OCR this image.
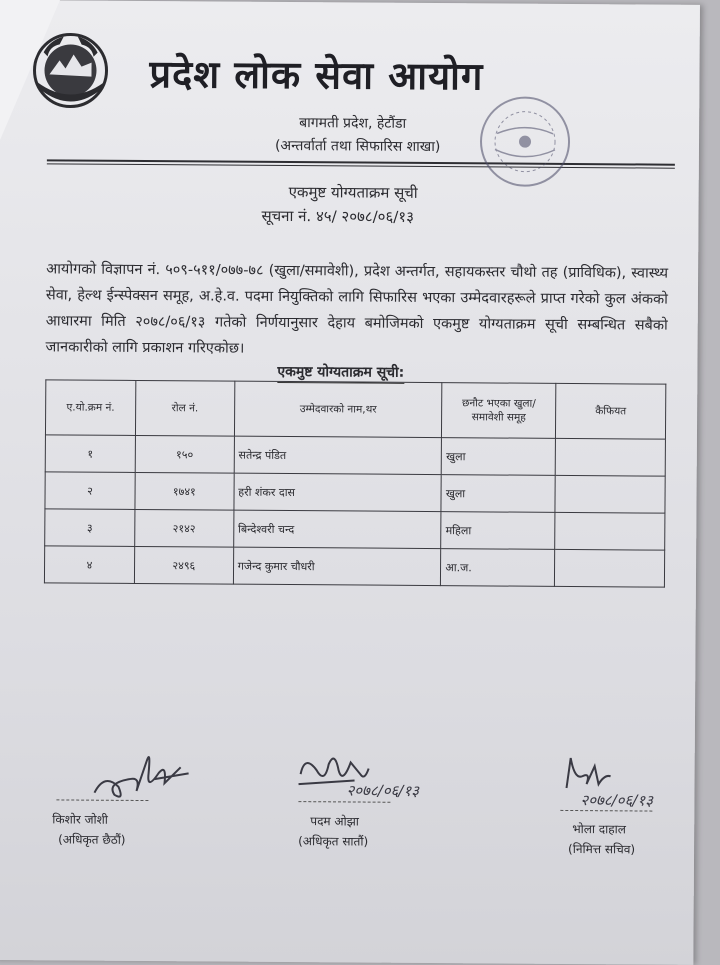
प्रदेश लोक सेवा आयोग
बागमती प्रदेश, हेटौंडा
(अन्तर्वार्ता तथा सिफारिस शाखा)
एकमुष्ट योग्यताक्रम सूची
सूचना नं. ४५/ २०७८/०६/१३
आयोगको विज्ञापन नं. ५०९-५११/०७७-७८ (खुला/समावेशी), प्रदेश अन्तर्गत, सहायकस्तर चौथो तह (प्राविधिक), स्वास्थ्य सेवा, हेल्थ ईन्स्पेक्सन समूह, अ.हे.व. पदमा नियुक्तिको लागि सिफारिस भएका उम्मेदवारहरूले प्राप्त गरेको कुल अंकको आधारमा मिति २०७८/०६/१३ गतेको निर्णयानुसार देहाय बमोजिमको एकमुष्ट योग्यताक्रम सूची सम्बन्धित सबैको जानकारीको लागि प्रकाशन गरिएकोछ।
एकमुष्ट योग्यताक्रम सूची:
ए.यो.क्रम नं.	रोल नं.	उम्मेदवारको नाम,थर	छनौट भएका खुला/ समावेशी समूह	कैफियत
१	१५०	सतेन्द्र पंडित	खुला	
२	१७४१	हरी शंकर दास	खुला	
३	२१४२	बिन्देश्वरी चन्द	महिला	
४	२४९६	गजेन्द कुमार चौधरी	आ.ज.	
किशोर जोशी
(अधिकृत छैठौं)
२०७८/०६/१३
पदम ओझा
(अधिकृत सातौं)
२०७८/०६/१३
भोला दाहाल
(निमित्त सचिव)
